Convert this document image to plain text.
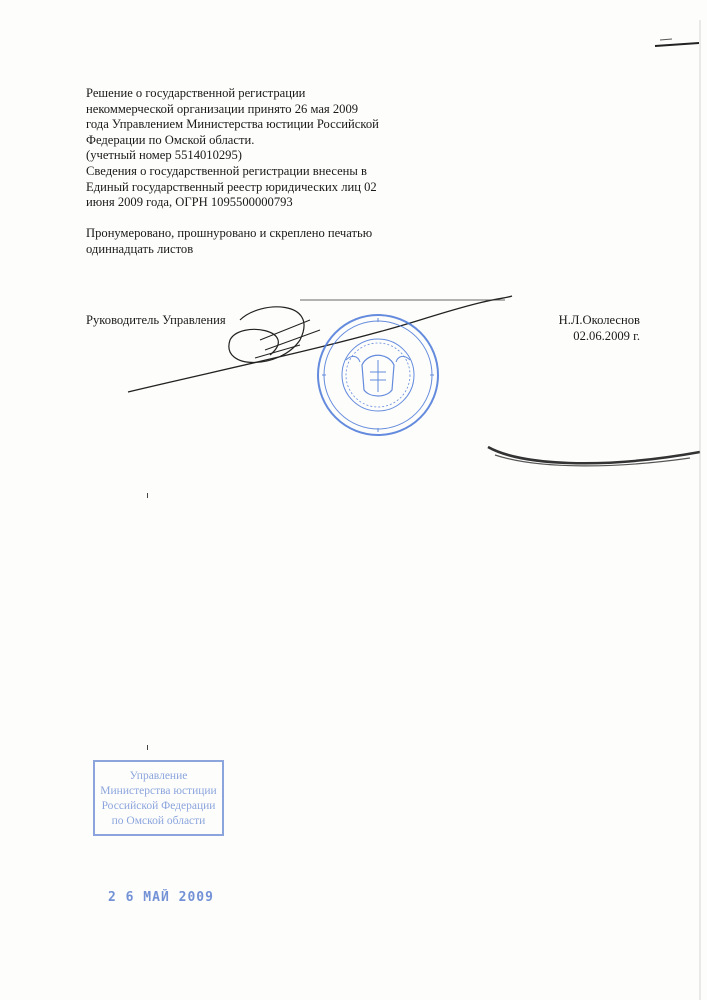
Решение о государственной регистрации
некоммерческой организации принято 26 мая 2009
года Управлением Министерства юстиции Российской
Федерации по Омской области.
(учетный номер 5514010295)
Сведения о государственной регистрации внесены в
Единый государственный реестр юридических лиц 02
июня 2009 года, ОГРН 1095500000793
Пронумеровано, прошнуровано и скреплено печатью
одиннадцать листов
Руководитель Управления	Н.Л.Околеснов
02.06.2009 г.
Управление
Министерства юстиции
Российской Федерации
по Омской области
2 6 МАЙ 2009
